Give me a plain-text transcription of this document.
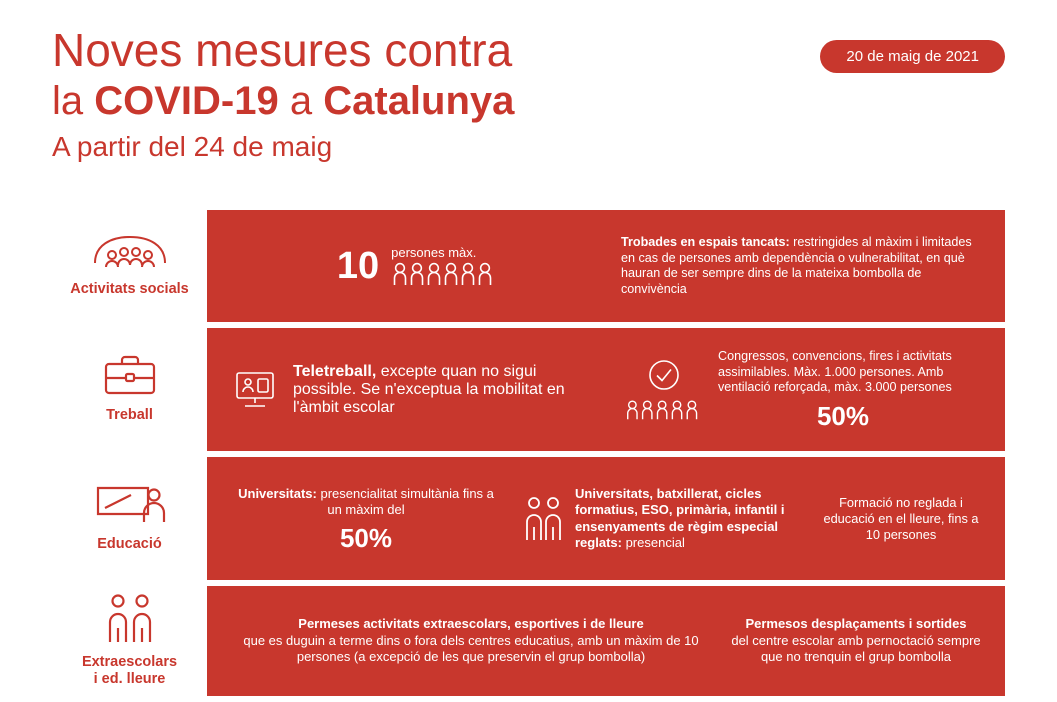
Noves mesures contra
la COVID-19 a Catalunya
A partir del 24 de maig
20 de maig de 2021
Activitats socials
10 persones màx.
Trobades en espais tancats: restringides al màxim i limitades en cas de persones amb dependència o vulnerabilitat, en què hauran de ser sempre dins de la mateixa bombolla de convivència
Treball
Teletreball, excepte quan no sigui possible. Se n'exceptua la mobilitat en l'àmbit escolar
Congressos, convencions, fires i activitats assimilables. Màx. 1.000 persones. Amb ventilació reforçada, màx. 3.000 persones
50%
Educació
Universitats: presencialitat simultània fins a un màxim del
50%
Universitats, batxillerat, cicles formatius, ESO, primària, infantil i ensenyaments de règim especial reglats: presencial
Formació no reglada i educació en el lleure, fins a 10 persones
Extraescolars
i ed. lleure
Permeses activitats extraescolars, esportives i de lleure
que es duguin a terme dins o fora dels centres educatius, amb un màxim de 10 persones (a excepció de les que preservin el grup bombolla)
Permesos desplaçaments i sortides
del centre escolar amb pernoctació sempre que no trenquin el grup bombolla
